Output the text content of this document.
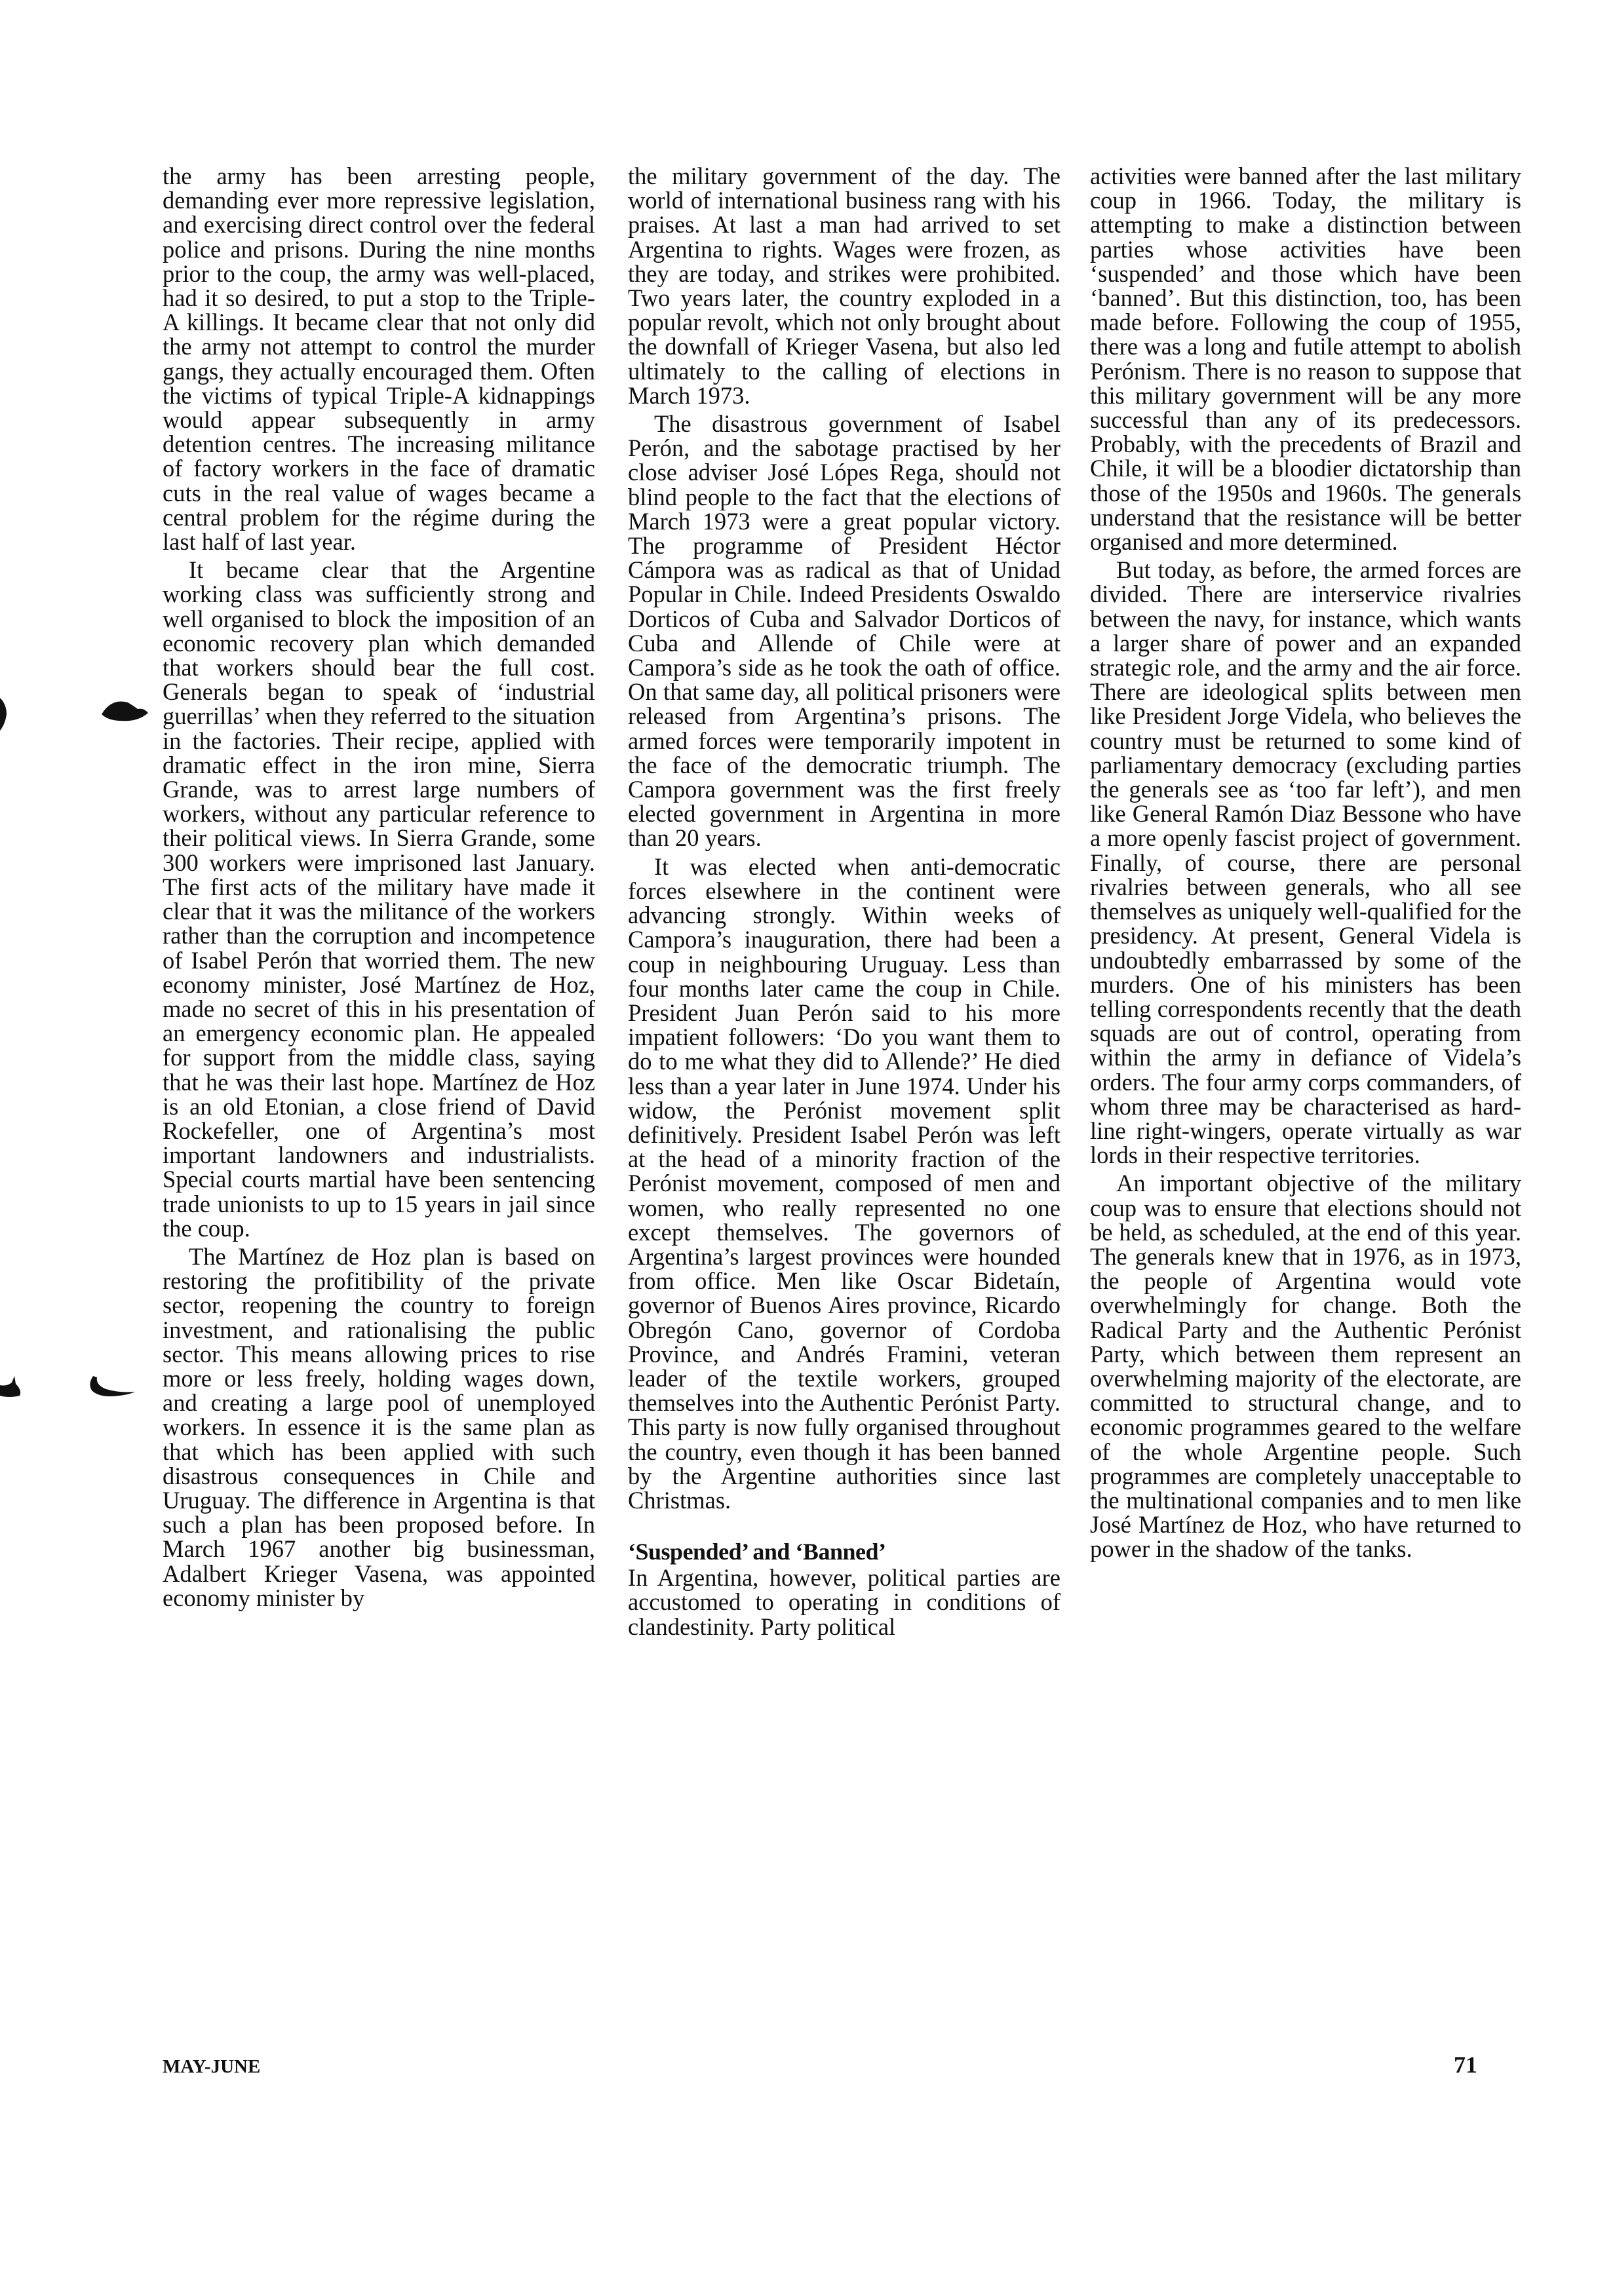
the army has been arresting people, demanding ever more repressive legislation, and exercising direct control over the federal police and prisons. During the nine months prior to the coup, the army was well-placed, had it so desired, to put a stop to the Triple-A killings. It became clear that not only did the army not attempt to control the murder gangs, they actually encouraged them. Often the victims of typical Triple-A kidnappings would appear subsequently in army detention centres. The increasing militance of factory workers in the face of dramatic cuts in the real value of wages became a central problem for the régime during the last half of last year.

It became clear that the Argentine working class was sufficiently strong and well organised to block the imposition of an economic recovery plan which demanded that workers should bear the full cost. Generals began to speak of ‘industrial guerrillas’ when they referred to the situation in the factories. Their recipe, applied with dramatic effect in the iron mine, Sierra Grande, was to arrest large numbers of workers, without any particular reference to their political views. In Sierra Grande, some 300 workers were imprisoned last January. The first acts of the military have made it clear that it was the militance of the workers rather than the corruption and incompetence of Isabel Perón that worried them. The new economy minister, José Martínez de Hoz, made no secret of this in his presentation of an emergency economic plan. He appealed for support from the middle class, saying that he was their last hope. Martínez de Hoz is an old Etonian, a close friend of David Rockefeller, one of Argentina’s most important landowners and industrialists. Special courts martial have been sentencing trade unionists to up to 15 years in jail since the coup.

The Martínez de Hoz plan is based on restoring the profitibility of the private sector, reopening the country to foreign investment, and rationalising the public sector. This means allowing prices to rise more or less freely, holding wages down, and creating a large pool of unemployed workers. In essence it is the same plan as that which has been applied with such disastrous consequences in Chile and Uruguay. The difference in Argentina is that such a plan has been proposed before. In March 1967 another big businessman, Adalbert Krieger Vasena, was appointed economy minister by

the military government of the day. The world of international business rang with his praises. At last a man had arrived to set Argentina to rights. Wages were frozen, as they are today, and strikes were prohibited. Two years later, the country exploded in a popular revolt, which not only brought about the downfall of Krieger Vasena, but also led ultimately to the calling of elections in March 1973.

The disastrous government of Isabel Perón, and the sabotage practised by her close adviser José Lópes Rega, should not blind people to the fact that the elections of March 1973 were a great popular victory. The programme of President Héctor Cámpora was as radical as that of Unidad Popular in Chile. Indeed Presidents Oswaldo Dorticos of Cuba and Salvador Dorticos of Cuba and Allende of Chile were at Campora’s side as he took the oath of office. On that same day, all political prisoners were released from Argentina’s prisons. The armed forces were temporarily impotent in the face of the democratic triumph. The Campora government was the first freely elected government in Argentina in more than 20 years.

It was elected when anti-democratic forces elsewhere in the continent were advancing strongly. Within weeks of Campora’s inauguration, there had been a coup in neighbouring Uruguay. Less than four months later came the coup in Chile. President Juan Perón said to his more impatient followers: ‘Do you want them to do to me what they did to Allende?’ He died less than a year later in June 1974. Under his widow, the Perónist movement split definitively. President Isabel Perón was left at the head of a minority fraction of the Perónist movement, composed of men and women, who really represented no one except themselves. The governors of Argentina’s largest provinces were hounded from office. Men like Oscar Bidetaín, governor of Buenos Aires province, Ricardo Obregón Cano, governor of Cordoba Province, and Andrés Framini, veteran leader of the textile workers, grouped themselves into the Authentic Perónist Party. This party is now fully organised throughout the country, even though it has been banned by the Argentine authorities since last Christmas.

‘Suspended’ and ‘Banned’

In Argentina, however, political parties are accustomed to operating in conditions of clandestinity. Party political

activities were banned after the last military coup in 1966. Today, the military is attempting to make a distinction between parties whose activities have been ‘suspended’ and those which have been ‘banned’. But this distinction, too, has been made before. Following the coup of 1955, there was a long and futile attempt to abolish Perónism. There is no reason to suppose that this military government will be any more successful than any of its predecessors. Probably, with the precedents of Brazil and Chile, it will be a bloodier dictatorship than those of the 1950s and 1960s. The generals understand that the resistance will be better organised and more determined.

But today, as before, the armed forces are divided. There are interservice rivalries between the navy, for instance, which wants a larger share of power and an expanded strategic role, and the army and the air force. There are ideological splits between men like President Jorge Videla, who believes the country must be returned to some kind of parliamentary democracy (excluding parties the generals see as ‘too far left’), and men like General Ramón Diaz Bessone who have a more openly fascist project of government. Finally, of course, there are personal rivalries between generals, who all see themselves as uniquely well-qualified for the presidency. At present, General Videla is undoubtedly embarrassed by some of the murders. One of his ministers has been telling correspondents recently that the death squads are out of control, operating from within the army in defiance of Videla’s orders. The four army corps commanders, of whom three may be characterised as hard-line right-wingers, operate virtually as war lords in their respective territories.

An important objective of the military coup was to ensure that elections should not be held, as scheduled, at the end of this year. The generals knew that in 1976, as in 1973, the people of Argentina would vote overwhelmingly for change. Both the Radical Party and the Authentic Perónist Party, which between them represent an overwhelming majority of the electorate, are committed to structural change, and to economic programmes geared to the welfare of the whole Argentine people. Such programmes are completely unacceptable to the multinational companies and to men like José Martínez de Hoz, who have returned to power in the shadow of the tanks.

MAY-JUNE	71
